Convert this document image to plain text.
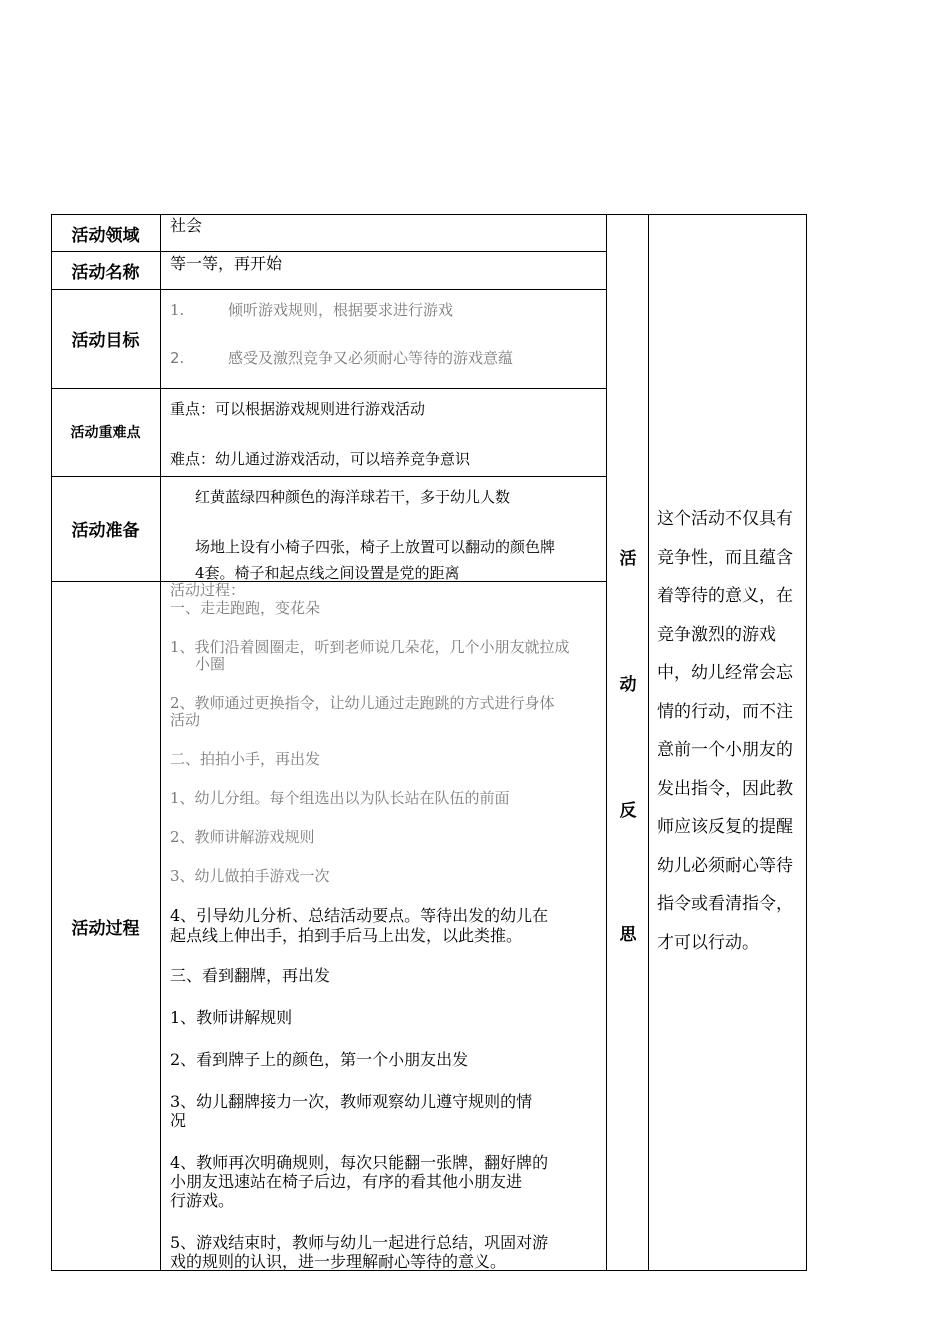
活动领域
活动名称
活动目标
活动重难点
活动准备
活动过程
社会
等一等，再开始
1.	倾听游戏规则，根据要求进行游戏
2.	感受及激烈竞争又必须耐心等待的游戏意蕴
重点：可以根据游戏规则进行游戏活动
难点：幼儿通过游戏活动，可以培养竞争意识
红黄蓝绿四种颜色的海洋球若干，多于幼儿人数
场地上设有小椅子四张，椅子上放置可以翻动的颜色牌
4套。椅子和起点线之间设置是党的距离
活动过程：
一、走走跑跑，变花朵
1、我们沿着圆圈走，听到老师说几朵花，几个小朋友就拉成
小圈
2、教师通过更换指令，让幼儿通过走跑跳的方式进行身体
活动
二、拍拍小手，再出发
1、幼儿分组。每个组选出以为队长站在队伍的前面
2、教师讲解游戏规则
3、幼儿做拍手游戏一次
4、引导幼儿分析、总结活动要点。等待出发的幼儿在
起点线上伸出手，拍到手后马上出发，以此类推。
三、看到翻牌，再出发
1、教师讲解规则
2、看到牌子上的颜色，第一个小朋友出发
3、幼儿翻牌接力一次，教师观察幼儿遵守规则的情
况
4、教师再次明确规则，每次只能翻一张牌，翻好牌的
小朋友迅速站在椅子后边，有序的看其他小朋友进
行游戏。
5、游戏结束时，教师与幼儿一起进行总结，巩固对游
戏的规则的认识，进一步理解耐心等待的意义。
活
动
反
思
这个活动不仅具有竞争性，而且蕴含着等待的意义，在竞争激烈的游戏中，幼儿经常会忘情的行动，而不注意前一个小朋友的发出指令，因此教师应该反复的提醒幼儿必须耐心等待指令或看清指令，才可以行动。
